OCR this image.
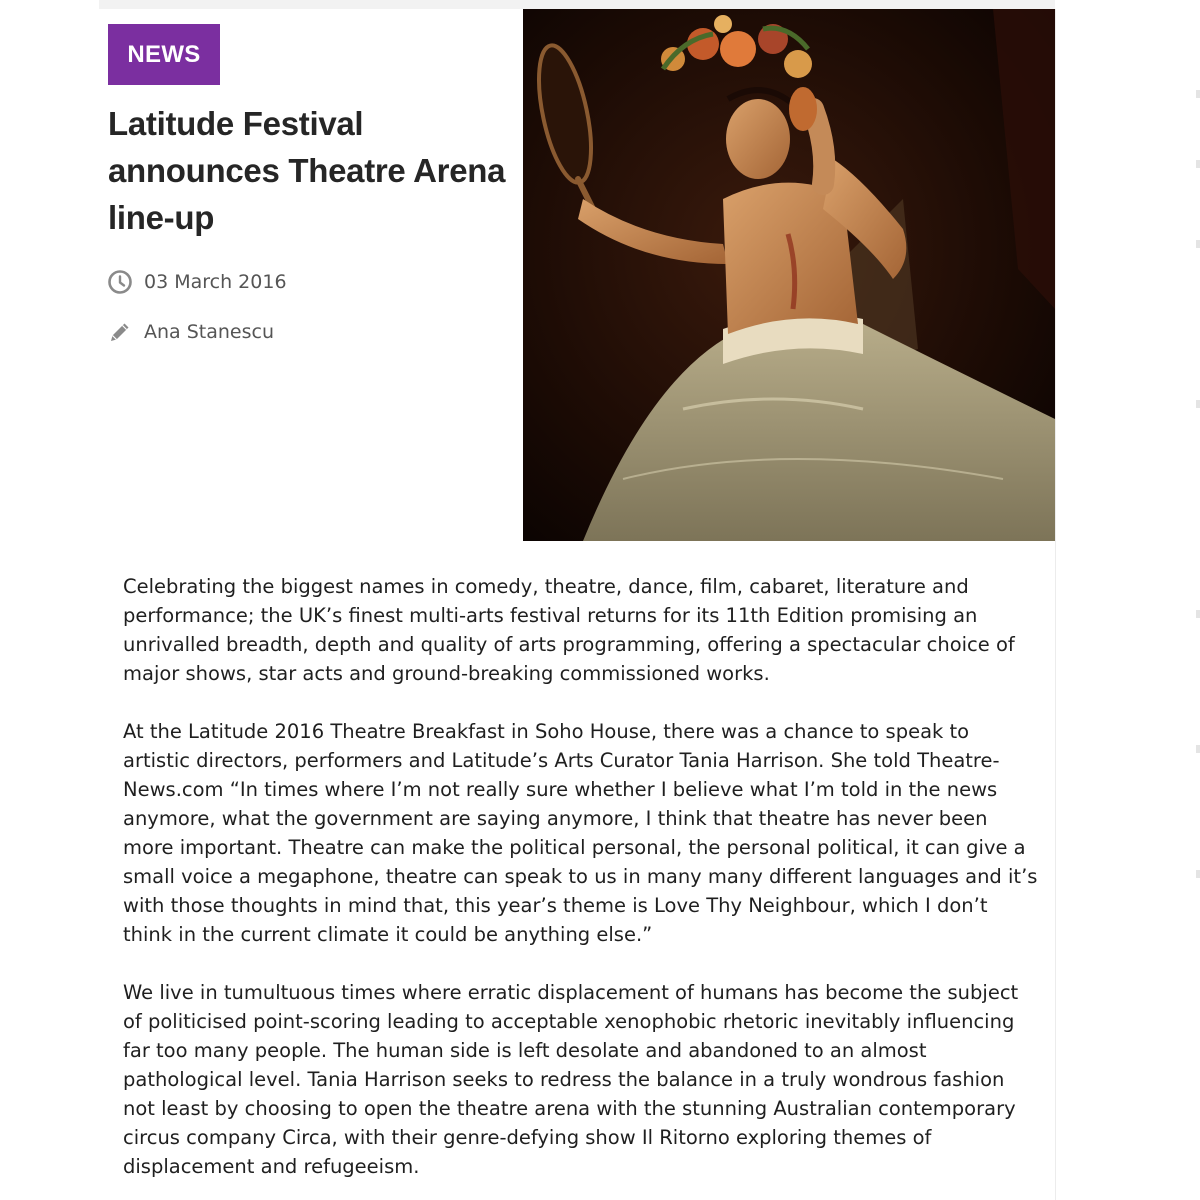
NEWS
Latitude Festival announces Theatre Arena line-up
03 March 2016
Ana Stanescu

Celebrating the biggest names in comedy, theatre, dance, film, cabaret, literature and performance; the UK’s finest multi-arts festival returns for its 11th Edition promising an unrivalled breadth, depth and quality of arts programming, offering a spectacular choice of major shows, star acts and ground-breaking commissioned works.

At the Latitude 2016 Theatre Breakfast in Soho House, there was a chance to speak to artistic directors, performers and Latitude’s Arts Curator Tania Harrison. She told Theatre-News.com “In times where I’m not really sure whether I believe what I’m told in the news anymore, what the government are saying anymore, I think that theatre has never been more important. Theatre can make the political personal, the personal political, it can give a small voice a megaphone, theatre can speak to us in many many different languages and it’s with those thoughts in mind that, this year’s theme is Love Thy Neighbour, which I don’t think in the current climate it could be anything else.”

We live in tumultuous times where erratic displacement of humans has become the subject of politicised point-scoring leading to acceptable xenophobic rhetoric inevitably influencing far too many people. The human side is left desolate and abandoned to an almost pathological level. Tania Harrison seeks to redress the balance in a truly wondrous fashion not least by choosing to open the theatre arena with the stunning Australian contemporary circus company Circa, with their genre-defying show Il Ritorno exploring themes of displacement and refugeeism.
